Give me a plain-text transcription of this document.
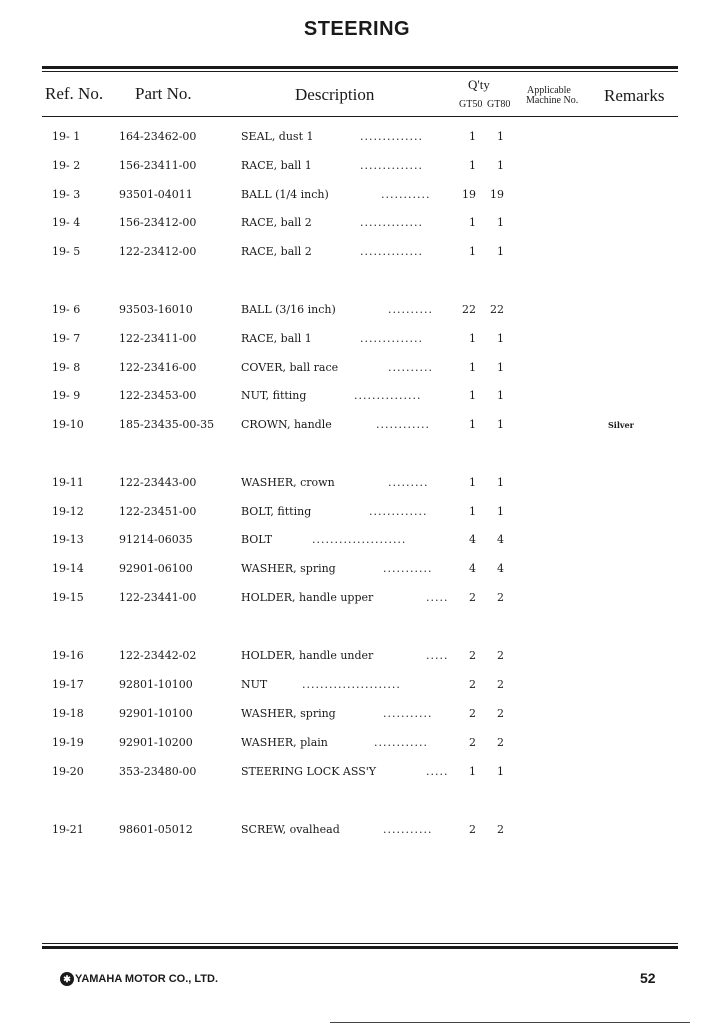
STEERING
Ref. No. Part No.	Description
Q'ty
GT50 GT80
Applicable
Machine No. Remarks
19- 1	164-23462-00	SEAL, dust 1	..............	1	1
19- 2	156-23411-00	RACE, ball 1	..............	1	1
19- 3	93501-04011	BALL (1/4 inch)	...........	19 19
19- 4	156-23412-00	RACE, ball 2	..............	1	1
19- 5	122-23412-00	RACE, ball 2	..............	1	1
19- 6	93503-16010	BALL (3/16 inch)	..........	22 22
19- 7	122-23411-00	RACE, ball 1	..............	1	1
19- 8	122-23416-00	COVER, ball race	..........	1	1
19- 9	122-23453-00	NUT, fitting	...............	1	1
19-10	185-23435-00-35 CROWN, handle	............	1	1	Silver
19-11	122-23443-00	WASHER, crown	.........	1	1
19-12	122-23451-00	BOLT, fitting	.............	1	1
19-13	91214-06035	BOLT	.....................	4	4
19-14	92901-06100	WASHER, spring	...........	4	4
19-15	122-23441-00	HOLDER, handle upper	.....	2	2
19-16	122-23442-02	HOLDER, handle under	.....	2	2
19-17	92801-10100	NUT	......................	2	2
19-18	92901-10100	WASHER, spring	...........	2	2
19-19	92901-10200	WASHER, plain	............	2	2
19-20	353-23480-00	STEERING LOCK ASS'Y	.....	1	1
19-21	98601-05012	SCREW, ovalhead	...........	2	2
✱ YAMAHA MOTOR CO., LTD.	52
